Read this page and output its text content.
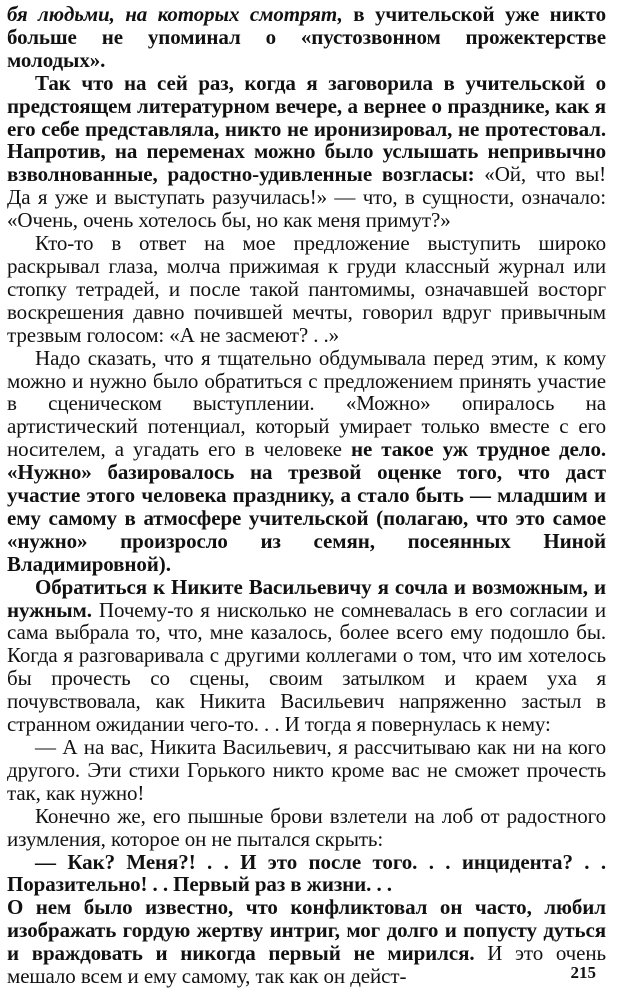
бя людьми, на которых смотрят, в учительской уже никто больше не упоминал о «пустозвонном прожектерстве молодых».

Так что на сей раз, когда я заговорила в учительской о предстоящем литературном вечере, а вернее о празднике, как я его себе представляла, никто не иронизировал, не протестовал. Напротив, на переменах можно было услышать непривычно взволнованные, радостно-удивленные возгласы: «Ой, что вы! Да я уже и выступать разучилась!» — что, в сущности, означало: «Очень, очень хотелось бы, но как меня примут?»

Кто-то в ответ на мое предложение выступить широко раскрывал глаза, молча прижимая к груди классный журнал или стопку тетрадей, и после такой пантомимы, означавшей восторг воскрешения давно почившей мечты, говорил вдруг привычным трезвым голосом: «А не засмеют? . .»

Надо сказать, что я тщательно обдумывала перед этим, к кому можно и нужно было обратиться с предложением принять участие в сценическом выступлении. «Можно» опиралось на артистический потенциал, который умирает только вместе с его носителем, а угадать его в человеке не такое уж трудное дело. «Нужно» базировалось на трезвой оценке того, что даст участие этого человека празднику, а стало быть — младшим и ему самому в атмосфере учительской (полагаю, что это самое «нужно» произросло из семян, посеянных Ниной Владимировной).

Обратиться к Никите Васильевичу я сочла и возможным, и нужным. Почему-то я нисколько не сомневалась в его согласии и сама выбрала то, что, мне казалось, более всего ему подошло бы. Когда я разговаривала с другими коллегами о том, что им хотелось бы прочесть со сцены, своим затылком и краем уха я почувствовала, как Никита Васильевич напряженно застыл в странном ожидании чего-то. . . И тогда я повернулась к нему:

— А на вас, Никита Васильевич, я рассчитываю как ни на кого другого. Эти стихи Горького никто кроме вас не сможет прочесть так, как нужно!

Конечно же, его пышные брови взлетели на лоб от радостного изумления, которое он не пытался скрыть:

— Как? Меня?! . . И это после того. . . инцидента? . . Поразительно! . . Первый раз в жизни. . .

О нем было известно, что конфликтовал он часто, любил изображать гордую жертву интриг, мог долго и попусту дуться и враждовать и никогда первый не мирился. И это очень мешало всем и ему самому, так как он дейст-	215
